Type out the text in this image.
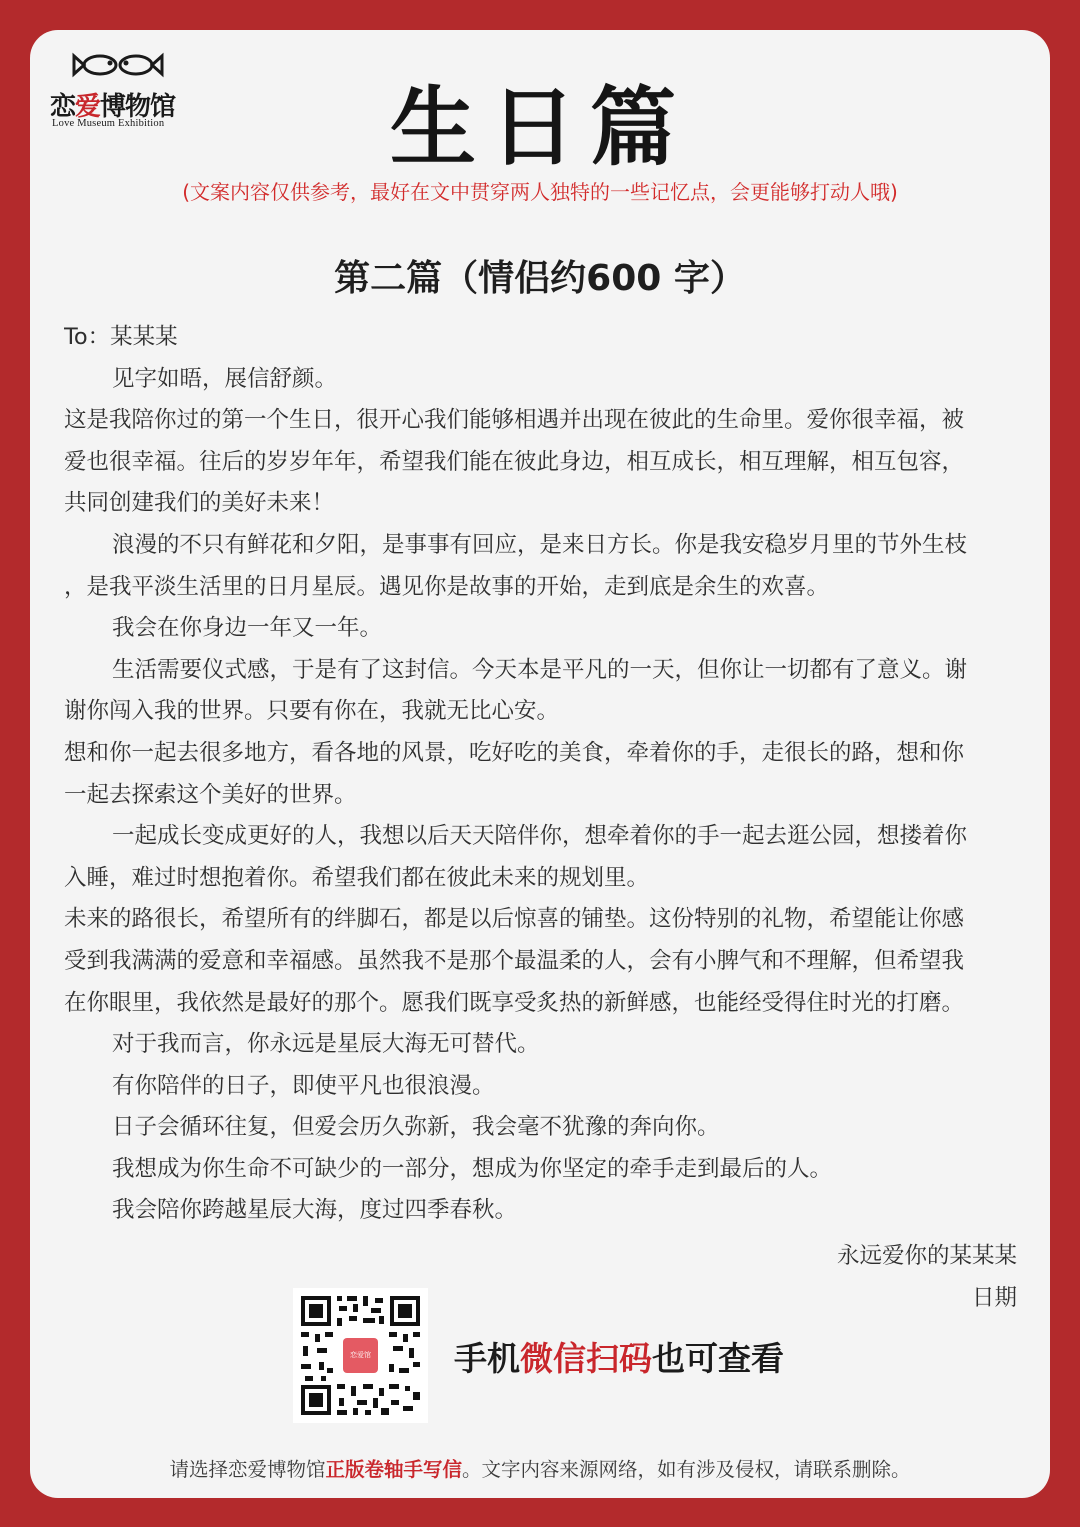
恋爱博物馆
Love Museum Exhibition	生日篇
(文案内容仅供参考，最好在文中贯穿两人独特的一些记忆点，会更能够打动人哦)
第二篇（情侣约600 字）

To：某某某

见字如晤，展信舒颜。

这是我陪你过的第一个生日，很开心我们能够相遇并出现在彼此的生命里。爱你很幸福，被

爱也很幸福。往后的岁岁年年，希望我们能在彼此身边，相互成长，相互理解，相互包容，

共同创建我们的美好未来！

浪漫的不只有鲜花和夕阳，是事事有回应，是来日方长。你是我安稳岁月里的节外生枝

，是我平淡生活里的日月星辰。遇见你是故事的开始，走到底是余生的欢喜。

我会在你身边一年又一年。

生活需要仪式感，于是有了这封信。今天本是平凡的一天，但你让一切都有了意义。谢

谢你闯入我的世界。只要有你在，我就无比心安。

想和你一起去很多地方，看各地的风景，吃好吃的美食，牵着你的手，走很长的路，想和你

一起去探索这个美好的世界。

一起成长变成更好的人，我想以后天天陪伴你，想牵着你的手一起去逛公园，想搂着你

入睡，难过时想抱着你。希望我们都在彼此未来的规划里。

未来的路很长，希望所有的绊脚石，都是以后惊喜的铺垫。这份特别的礼物，希望能让你感

受到我满满的爱意和幸福感。虽然我不是那个最温柔的人，会有小脾气和不理解，但希望我

在你眼里，我依然是最好的那个。愿我们既享受炙热的新鲜感，也能经受得住时光的打磨。

对于我而言，你永远是星辰大海无可替代。

有你陪伴的日子，即使平凡也很浪漫。

日子会循环往复，但爱会历久弥新，我会毫不犹豫的奔向你。

我想成为你生命不可缺少的一部分，想成为你坚定的牵手走到最后的人。

我会陪你跨越星辰大海，度过四季春秋。

永远爱你的某某某
日期
恋爱馆	手机微信扫码也可查看
请选择恋爱博物馆正版卷轴手写信。文字内容来源网络，如有涉及侵权，请联系删除。
